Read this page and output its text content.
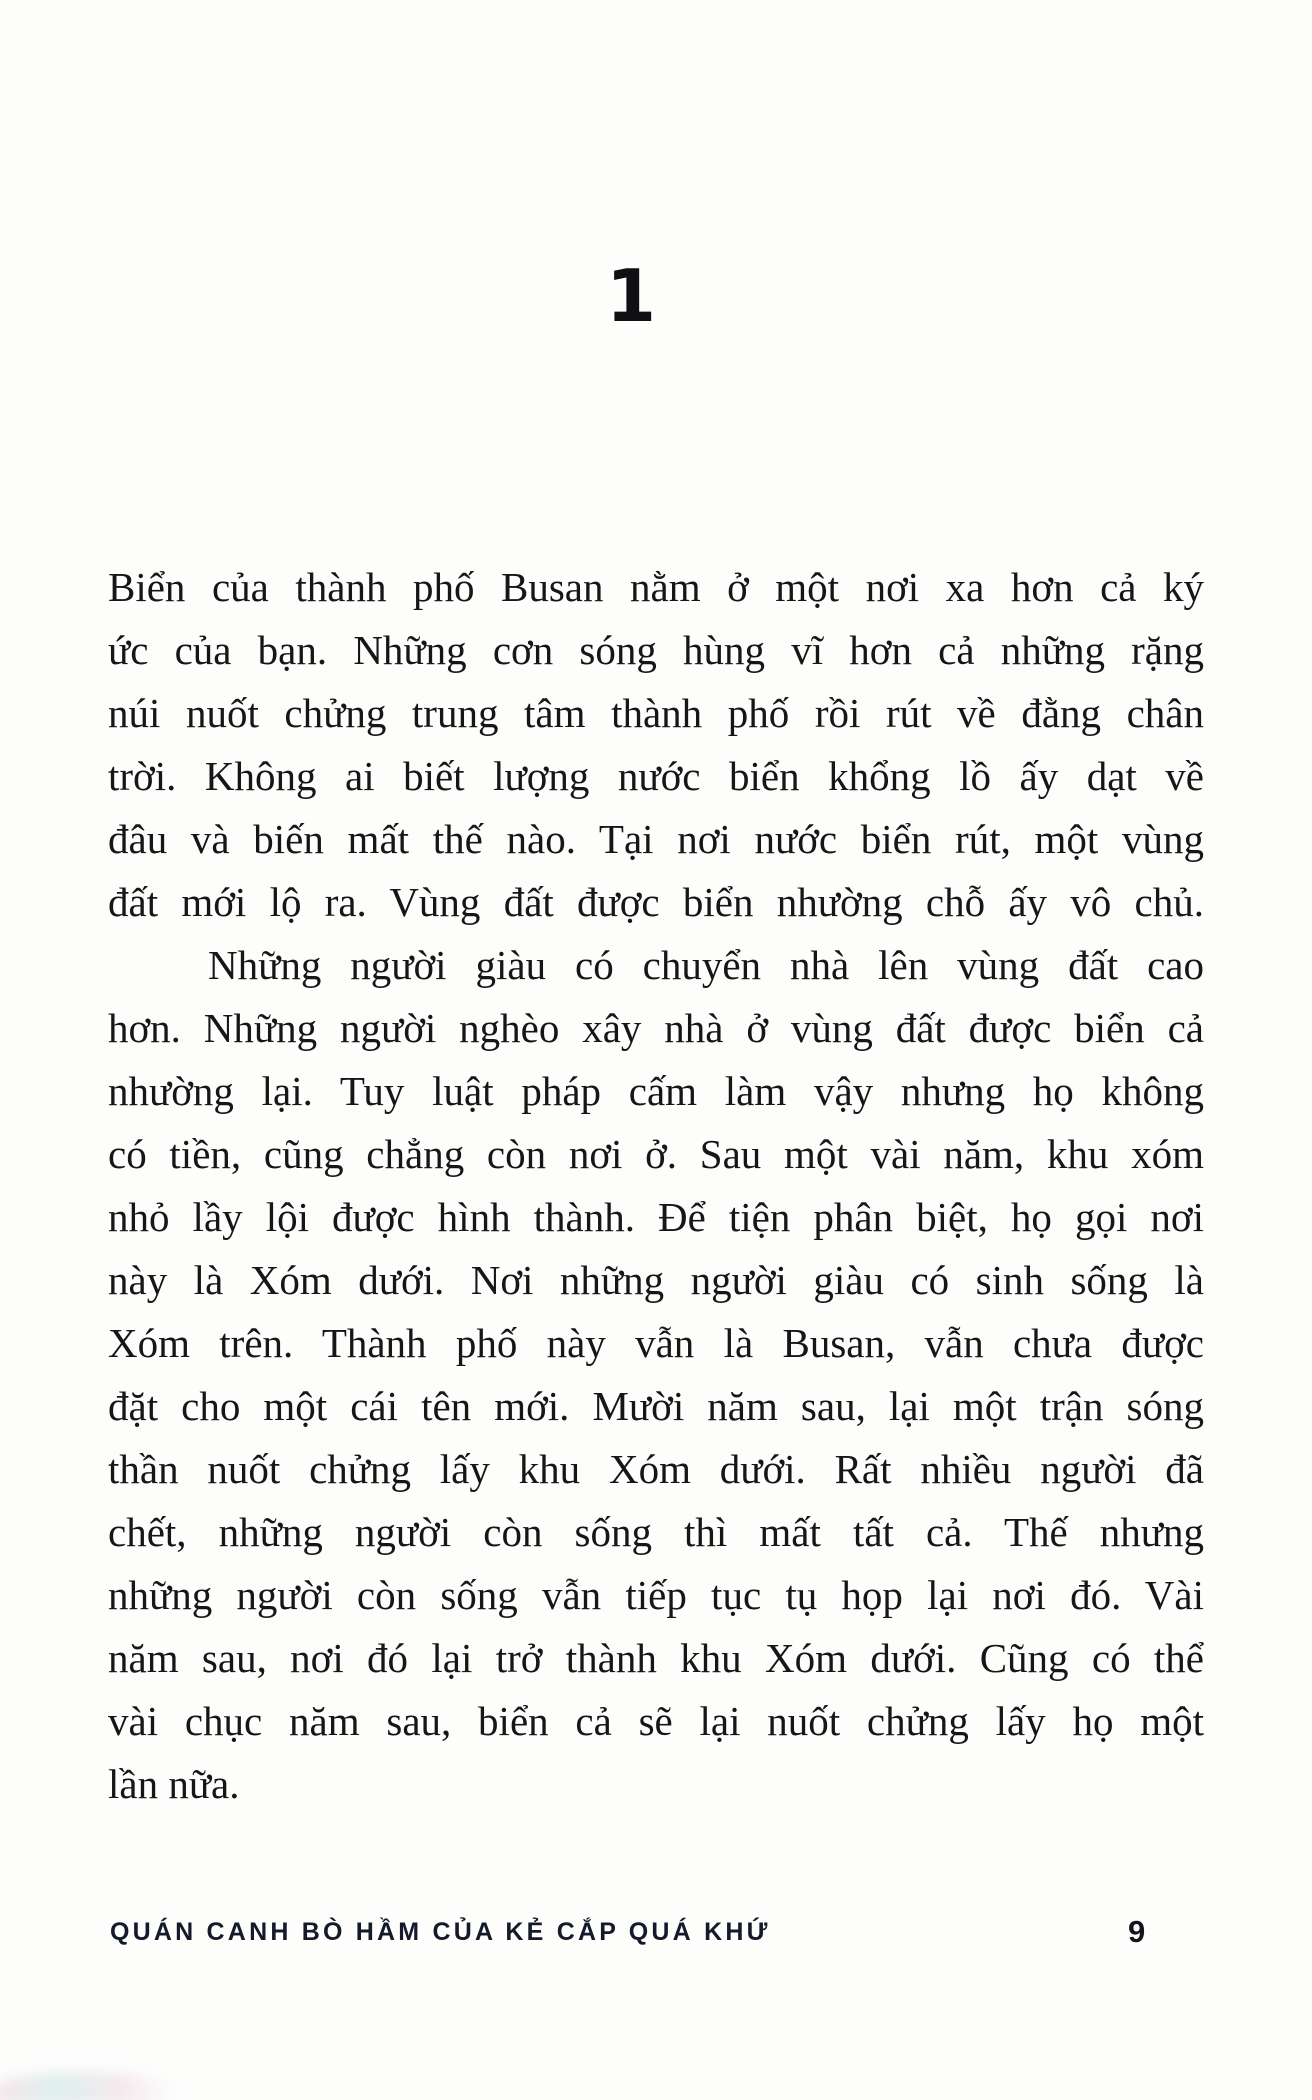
1
Biển của thành phố Busan nằm ở một nơi xa hơn cả ký
ức của bạn. Những cơn sóng hùng vĩ hơn cả những rặng
núi nuốt chửng trung tâm thành phố rồi rút về đằng chân
trời. Không ai biết lượng nước biển khổng lồ ấy dạt về
đâu và biến mất thế nào. Tại nơi nước biển rút, một vùng
đất mới lộ ra. Vùng đất được biển nhường chỗ ấy vô chủ.
Những người giàu có chuyển nhà lên vùng đất cao
hơn. Những người nghèo xây nhà ở vùng đất được biển cả
nhường lại. Tuy luật pháp cấm làm vậy nhưng họ không
có tiền, cũng chẳng còn nơi ở. Sau một vài năm, khu xóm
nhỏ lầy lội được hình thành. Để tiện phân biệt, họ gọi nơi
này là Xóm dưới. Nơi những người giàu có sinh sống là
Xóm trên. Thành phố này vẫn là Busan, vẫn chưa được
đặt cho một cái tên mới. Mười năm sau, lại một trận sóng
thần nuốt chửng lấy khu Xóm dưới. Rất nhiều người đã
chết, những người còn sống thì mất tất cả. Thế nhưng
những người còn sống vẫn tiếp tục tụ họp lại nơi đó. Vài
năm sau, nơi đó lại trở thành khu Xóm dưới. Cũng có thể
vài chục năm sau, biển cả sẽ lại nuốt chửng lấy họ một
lần nữa.
QUÁN CANH BÒ HẦM CỦA KẺ CẮP QUÁ KHỨ	9
